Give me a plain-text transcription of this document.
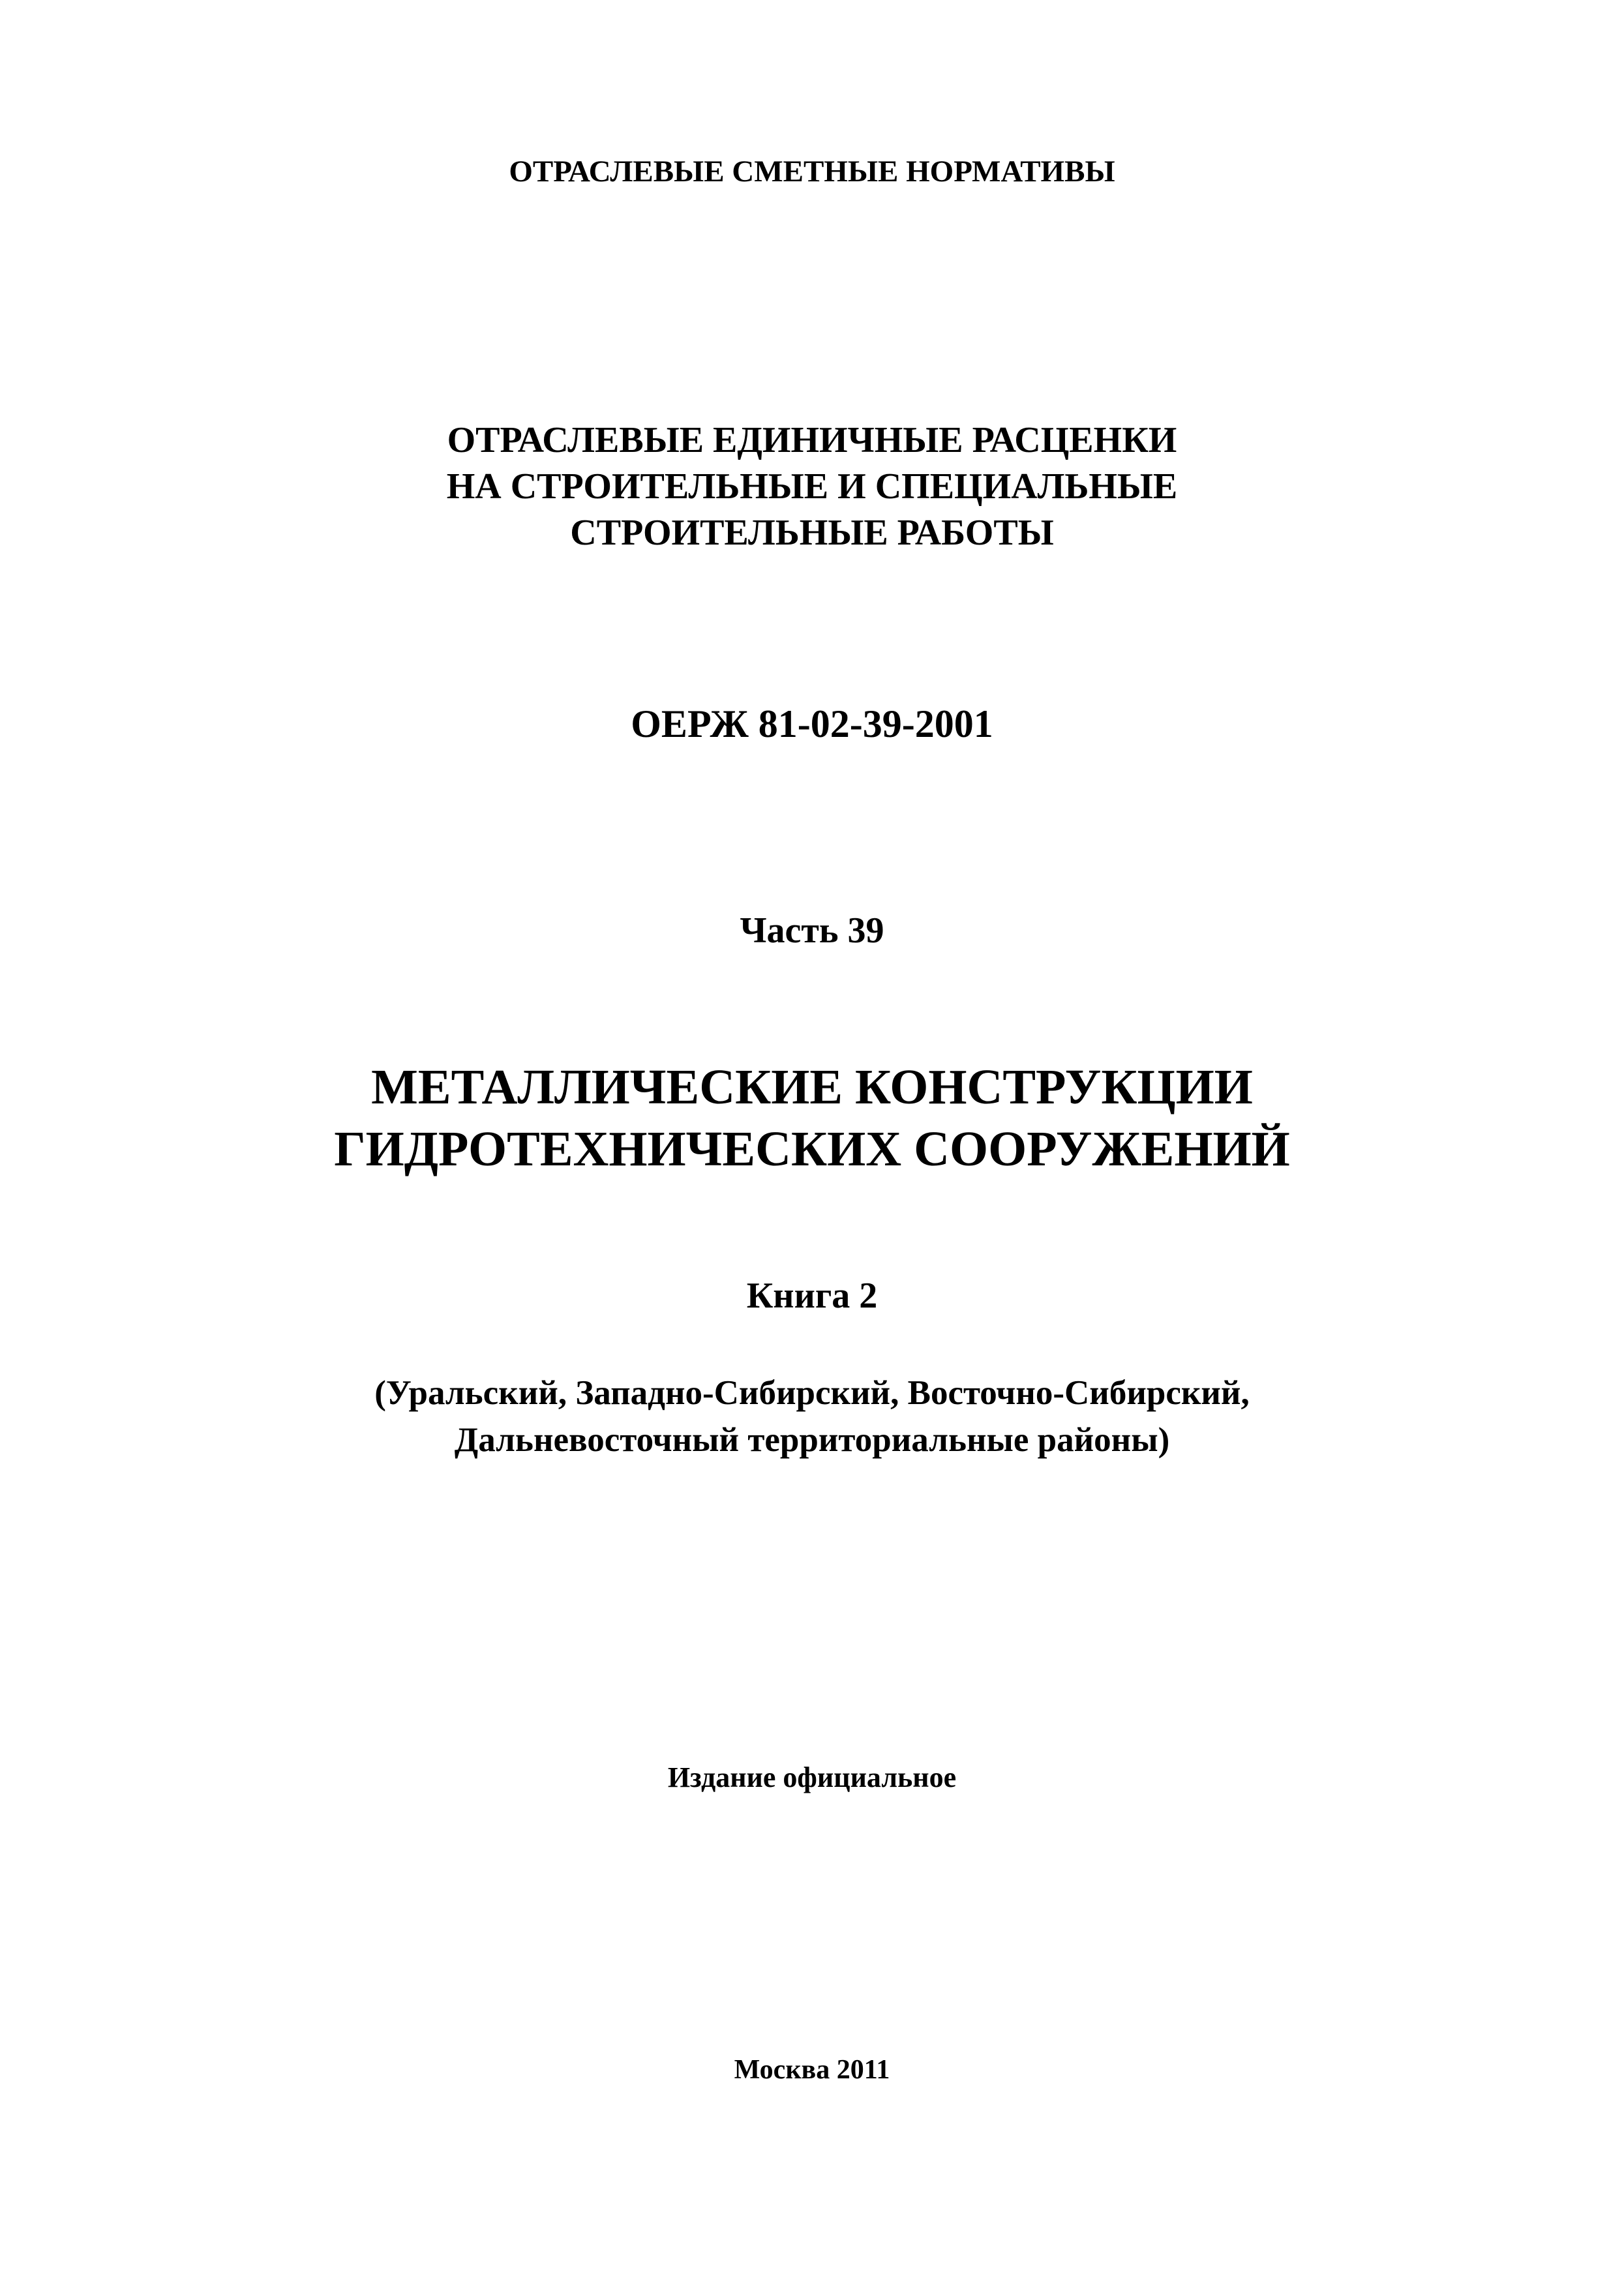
ОТРАСЛЕВЫЕ СМЕТНЫЕ НОРМАТИВЫ

ОТРАСЛЕВЫЕ ЕДИНИЧНЫЕ РАСЦЕНКИ
НА СТРОИТЕЛЬНЫЕ И СПЕЦИАЛЬНЫЕ
СТРОИТЕЛЬНЫЕ РАБОТЫ

ОЕРЖ 81-02-39-2001

Часть 39

МЕТАЛЛИЧЕСКИЕ КОНСТРУКЦИИ
ГИДРОТЕХНИЧЕСКИХ СООРУЖЕНИЙ

Книга 2

(Уральский, Западно-Сибирский, Восточно-Сибирский,
Дальневосточный территориальные районы)

Издание официальное

Москва 2011
